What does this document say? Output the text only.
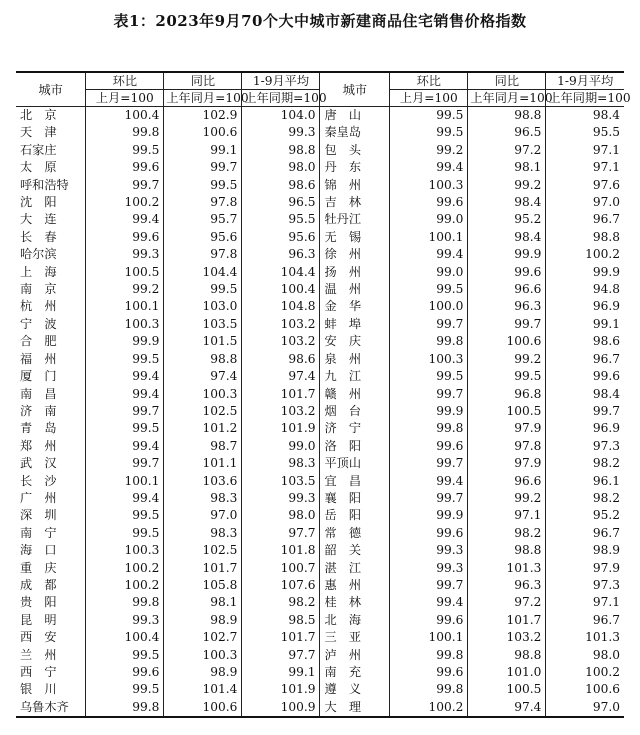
表1：2023年9月70个大中城市新建商品住宅销售价格指数
城市	环比	同比	1-9月平均	城市	环比	同比	1-9月平均
	上月=100	上年同月=100	上年同期=100		上月=100	上年同月=100	上年同期=100
北　京	100.4	102.9	104.0	唐　山	99.5	98.8	98.4
天　津	99.8	100.6	99.3	秦皇岛	99.5	96.5	95.5
石家庄	99.5	99.1	98.8	包　头	99.2	97.2	97.1
太　原	99.6	99.7	98.0	丹　东	99.4	98.1	97.1
呼和浩特	99.7	99.5	98.6	锦　州	100.3	99.2	97.6
沈　阳	100.2	97.8	96.5	吉　林	99.6	98.4	97.0
大　连	99.4	95.7	95.5	牡丹江	99.0	95.2	96.7
长　春	99.6	95.6	95.6	无　锡	100.1	98.4	98.8
哈尔滨	99.3	97.8	96.3	徐　州	99.4	99.9	100.2
上　海	100.5	104.4	104.4	扬　州	99.0	99.6	99.9
南　京	99.2	99.5	100.4	温　州	99.5	96.6	94.8
杭　州	100.1	103.0	104.8	金　华	100.0	96.3	96.9
宁　波	100.3	103.5	103.2	蚌　埠	99.7	99.7	99.1
合　肥	99.9	101.5	103.2	安　庆	99.8	100.6	98.6
福　州	99.5	98.8	98.6	泉　州	100.3	99.2	96.7
厦　门	99.4	97.4	97.4	九　江	99.5	99.5	99.6
南　昌	99.4	100.3	101.7	赣　州	99.7	96.8	98.4
济　南	99.7	102.5	103.2	烟　台	99.9	100.5	99.7
青　岛	99.5	101.2	101.9	济　宁	99.8	97.9	96.9
郑　州	99.4	98.7	99.0	洛　阳	99.6	97.8	97.3
武　汉	99.7	101.1	98.3	平顶山	99.7	97.9	98.2
长　沙	100.1	103.6	103.5	宜　昌	99.4	96.6	96.1
广　州	99.4	98.3	99.3	襄　阳	99.7	99.2	98.2
深　圳	99.5	97.0	98.0	岳　阳	99.9	97.1	95.2
南　宁	99.5	98.3	97.7	常　德	99.6	98.2	96.7
海　口	100.3	102.5	101.8	韶　关	99.3	98.8	98.9
重　庆	100.2	101.7	100.7	湛　江	99.3	101.3	97.9
成　都	100.2	105.8	107.6	惠　州	99.7	96.3	97.3
贵　阳	99.8	98.1	98.2	桂　林	99.4	97.2	97.1
昆　明	99.3	98.9	98.5	北　海	99.6	101.7	96.7
西　安	100.4	102.7	101.7	三　亚	100.1	103.2	101.3
兰　州	99.5	100.3	97.7	泸　州	99.8	98.8	98.0
西　宁	99.6	98.9	99.1	南　充	99.6	101.0	100.2
银　川	99.5	101.4	101.9	遵　义	99.8	100.5	100.6
乌鲁木齐	99.8	100.6	100.9	大　理	100.2	97.4	97.0
